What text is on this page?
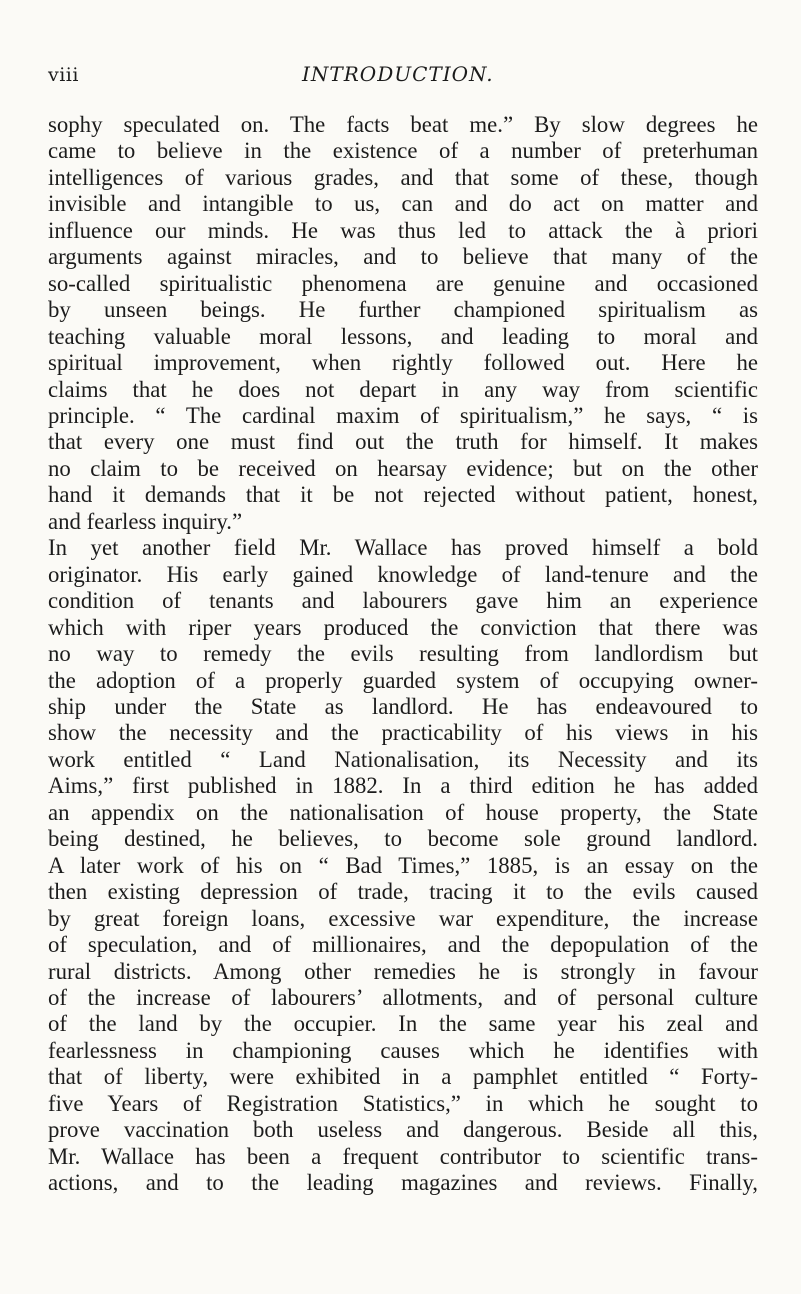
viii	INTRODUCTION.
sophy speculated on. The facts beat me.” By slow degrees he
came to believe in the existence of a number of preterhuman
intelligences of various grades, and that some of these, though
invisible and intangible to us, can and do act on matter and
influence our minds. He was thus led to attack the à priori
arguments against miracles, and to believe that many of the
so-called spiritualistic phenomena are genuine and occasioned
by unseen beings. He further championed spiritualism as
teaching valuable moral lessons, and leading to moral and
spiritual improvement, when rightly followed out. Here he
claims that he does not depart in any way from scientific
principle. “ The cardinal maxim of spiritualism,” he says, “ is
that every one must find out the truth for himself. It makes
no claim to be received on hearsay evidence; but on the other
hand it demands that it be not rejected without patient, honest,
and fearless inquiry.”
In yet another field Mr. Wallace has proved himself a bold
originator. His early gained knowledge of land-tenure and the
condition of tenants and labourers gave him an experience
which with riper years produced the conviction that there was
no way to remedy the evils resulting from landlordism but
the adoption of a properly guarded system of occupying owner-
ship under the State as landlord. He has endeavoured to
show the necessity and the practicability of his views in his
work entitled “ Land Nationalisation, its Necessity and its
Aims,” first published in 1882. In a third edition he has added
an appendix on the nationalisation of house property, the State
being destined, he believes, to become sole ground landlord.
A later work of his on “ Bad Times,” 1885, is an essay on the
then existing depression of trade, tracing it to the evils caused
by great foreign loans, excessive war expenditure, the increase
of speculation, and of millionaires, and the depopulation of the
rural districts. Among other remedies he is strongly in favour
of the increase of labourers’ allotments, and of personal culture
of the land by the occupier. In the same year his zeal and
fearlessness in championing causes which he identifies with
that of liberty, were exhibited in a pamphlet entitled “ Forty-
five Years of Registration Statistics,” in which he sought to
prove vaccination both useless and dangerous. Beside all this,
Mr. Wallace has been a frequent contributor to scientific trans-
actions, and to the leading magazines and reviews. Finally,
